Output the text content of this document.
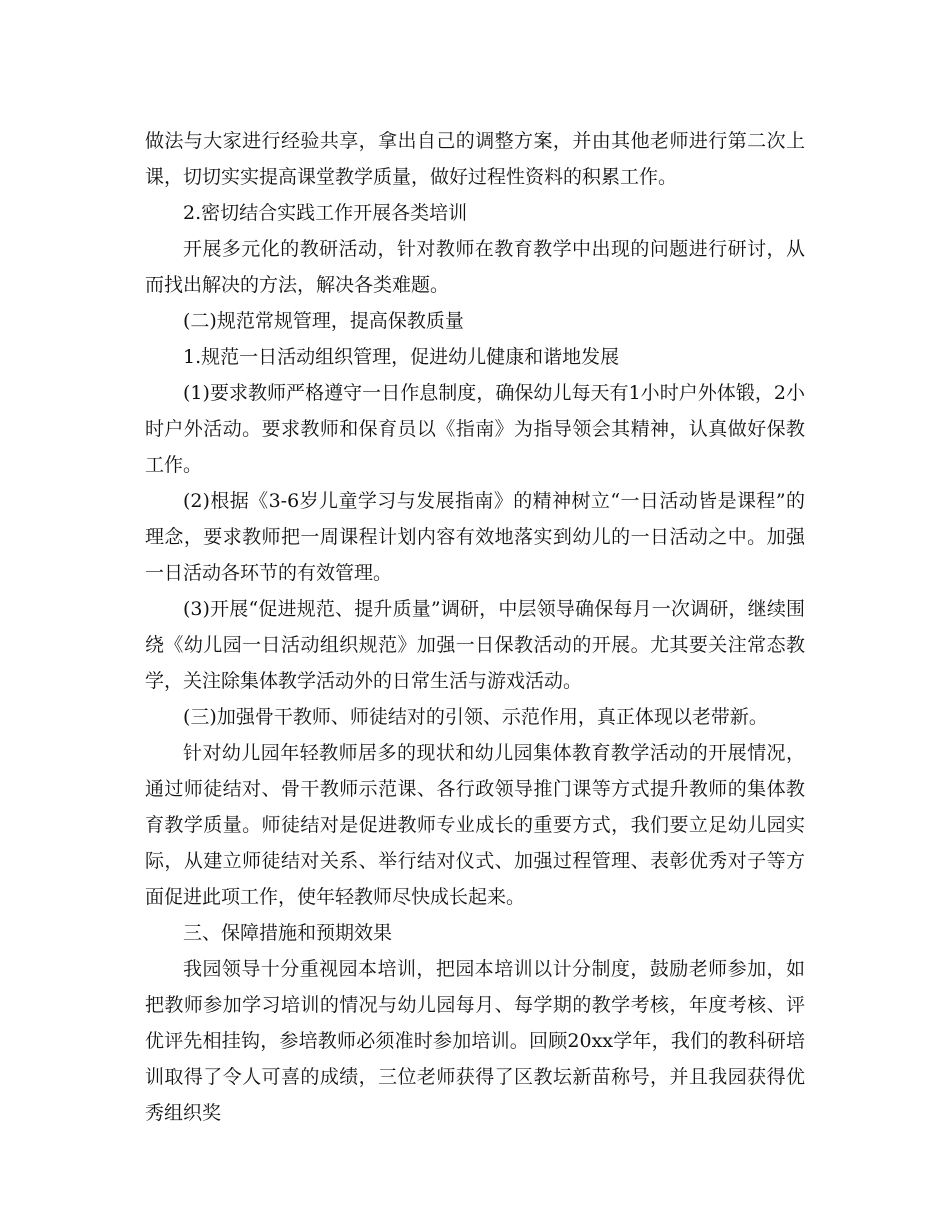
做法与大家进行经验共享，拿出自己的调整方案，并由其他老师进行第二次上课，切切实实提高课堂教学质量，做好过程性资料的积累工作。

2.密切结合实践工作开展各类培训

开展多元化的教研活动，针对教师在教育教学中出现的问题进行研讨，从而找出解决的方法，解决各类难题。

(二)规范常规管理，提高保教质量

1.规范一日活动组织管理，促进幼儿健康和谐地发展

(1)要求教师严格遵守一日作息制度，确保幼儿每天有1小时户外体锻，2小时户外活动。要求教师和保育员以《指南》为指导领会其精神，认真做好保教工作。

(2)根据《3-6岁儿童学习与发展指南》的精神树立“一日活动皆是课程”的理念，要求教师把一周课程计划内容有效地落实到幼儿的一日活动之中。加强一日活动各环节的有效管理。

(3)开展“促进规范、提升质量”调研，中层领导确保每月一次调研，继续围绕《幼儿园一日活动组织规范》加强一日保教活动的开展。尤其要关注常态教学，关注除集体教学活动外的日常生活与游戏活动。

(三)加强骨干教师、师徒结对的引领、示范作用，真正体现以老带新。

针对幼儿园年轻教师居多的现状和幼儿园集体教育教学活动的开展情况，通过师徒结对、骨干教师示范课、各行政领导推门课等方式提升教师的集体教育教学质量。师徒结对是促进教师专业成长的重要方式，我们要立足幼儿园实际，从建立师徒结对关系、举行结对仪式、加强过程管理、表彰优秀对子等方面促进此项工作，使年轻教师尽快成长起来。

三、保障措施和预期效果

我园领导十分重视园本培训，把园本培训以计分制度，鼓励老师参加，如把教师参加学习培训的情况与幼儿园每月、每学期的教学考核，年度考核、评优评先相挂钩，参培教师必须准时参加培训。回顾20xx学年，我们的教科研培训取得了令人可喜的成绩，三位老师获得了区教坛新苗称号，并且我园获得优秀组织奖
